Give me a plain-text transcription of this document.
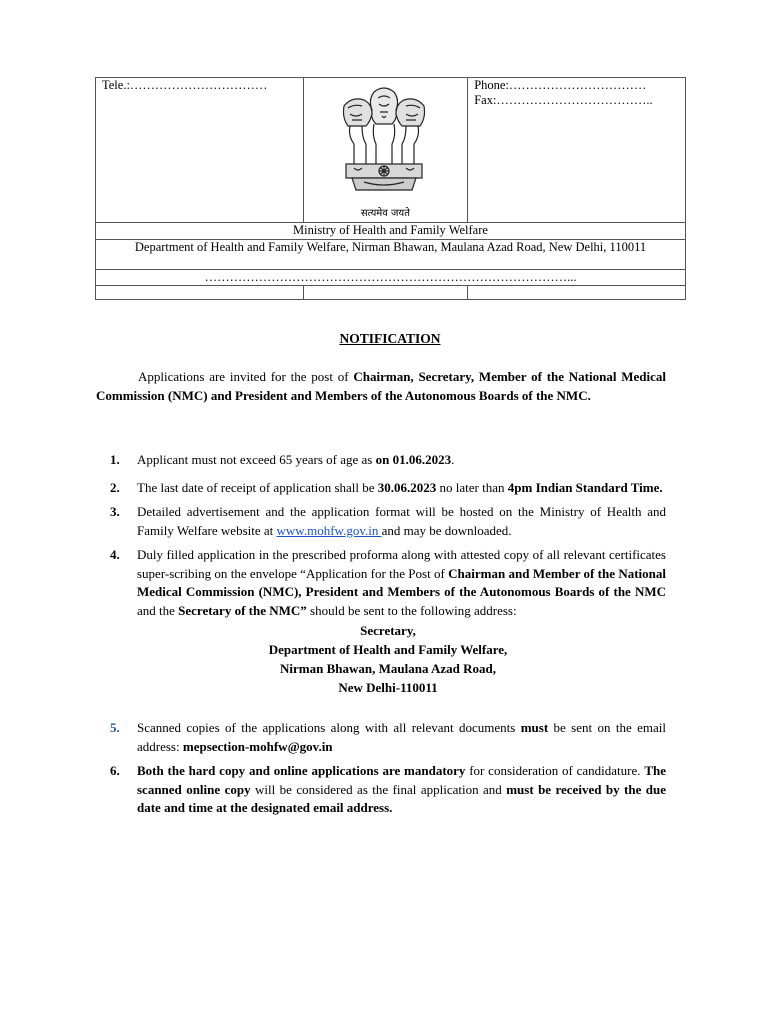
Tele.:……………………………	सत्यमेव जयते	Phone:……………………………
Fax:………………………………..

Ministry of Health and Family Welfare		
Department of Health and Family Welfare, Nirman Bhawan, Maulana Azad Road, New Delhi, 110011		
……………………………………………………………………………...		

NOTIFICATION
Applications are invited for the post of Chairman, Secretary, Member of the National Medical Commission (NMC) and President and Members of the Autonomous Boards of the NMC.
1. Applicant must not exceed 65 years of age as on 01.06.2023.
2. The last date of receipt of application shall be 30.06.2023 no later than 4pm Indian Standard Time.
3. Detailed advertisement and the application format will be hosted on the Ministry of Health and Family Welfare website at www.mohfw.gov.in and may be downloaded.
4. Duly filled application in the prescribed proforma along with attested copy of all relevant certificates super-scribing on the envelope “Application for the Post of Chairman and Member of the National Medical Commission (NMC), President and Members of the Autonomous Boards of the NMC and the Secretary of the NMC” should be sent to the following address:
Secretary,
Department of Health and Family Welfare,
Nirman Bhawan, Maulana Azad Road,
New Delhi-110011
5. Scanned copies of the applications along with all relevant documents must be sent on the email address: mepsection-mohfw@gov.in
6. Both the hard copy and online applications are mandatory for consideration of candidature. The scanned online copy will be considered as the final application and must be received by the due date and time at the designated email address.
